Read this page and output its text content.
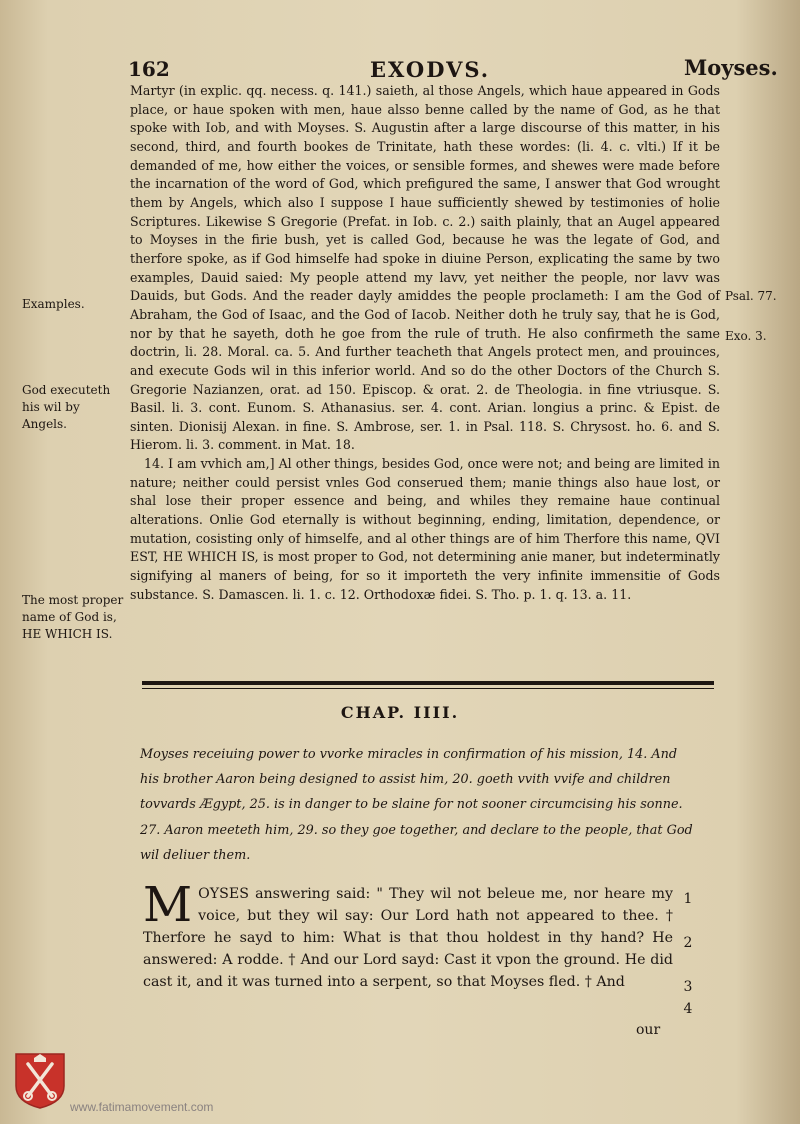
162	EXODVS.	Moyses.

Martyr (in explic. qq. necess. q. 141.) saieth, al those Angels, which haue appeared in Gods place, or haue spoken with men, haue alsso benne called by the name of God, as he that spoke with Iob, and with Moyses. S. Augustin after a large discourse of this matter, in his second, third, and fourth bookes de Trinitate, hath these wordes: (li. 4. c. vlti.) If it be demanded of me, how either the voices, or sensible formes, and shewes were made before the incarnation of the word of God, which prefigured the same, I answer that God wrought them by Angels, which also I suppose I haue sufficiently shewed by testimonies of holie Scriptures. Likewise S Gregorie (Prefat. in Iob. c. 2.) saith plainly, that an Augel appeared to Moyses in the firie bush, yet is called God, because he was the legate of God, and therfore spoke, as if God himselfe had spoke in diuine Person, explicating the same by two examples, Dauid saied: My people attend my lavv, yet neither the people, nor lavv was Dauids, but Gods. And the reader dayly amiddes the people proclameth: I am the God of Abraham, the God of Isaac, and the God of Iacob. Neither doth he truly say, that he is God, nor by that he sayeth, doth he goe from the rule of truth. He also confirmeth the same doctrin, li. 28. Moral. ca. 5. And further teacheth that Angels protect men, and prouinces, and execute Gods wil in this inferior world. And so do the other Doctors of the Church S. Gregorie Nazianzen, orat. ad 150. Episcop. & orat. 2. de Theologia. in fine vtriusque. S. Basil. li. 3. cont. Eunom. S. Athanasius. ser. 4. cont. Arian. longius a princ. & Epist. de sinten. Dionisij Alexan. in fine. S. Ambrose, ser. 1. in Psal. 118. S. Chrysost. ho. 6. and S. Hierom. li. 3. comment. in Mat. 18.

14. I am vvhich am,] Al other things, besides God, once were not; and being are limited in nature; neither could persist vnles God conserued them; manie things also haue lost, or shal lose their proper essence and being, and whiles they remaine haue continual alterations. Onlie God eternally is without beginning, ending, limitation, dependence, or mutation, cosisting only of himselfe, and al other things are of him Therfore this name, QVI EST, HE WHICH IS, is most proper to God, not determining anie maner, but indeterminatly signifying al maners of being, for so it importeth the very infinite immensitie of Gods substance. S. Damascen. li. 1. c. 12. Orthodoxæ fidei. S. Tho. p. 1. q. 13. a. 11.

Examples.
God executeth his wil by Angels.
The most proper name of God is, HE WHICH IS.
Psal. 77.
Exo. 3.
CHAP. IIII.
Moyses receiuing power to vvorke miracles in confirmation of his mission, 14. And his brother Aaron being designed to assist him, 20. goeth vvith vvife and children tovvards Ægypt, 25. is in danger to be slaine for not sooner circumcising his sonne. 27. Aaron meeteth him, 29. so they goe together, and declare to the people, that God wil deliuer them.
MOYSES answering said: " They wil not beleue me, nor heare my voice, but they wil say: Our Lord hath not appeared to thee. † Therfore he sayd to him: What is that thou holdest in thy hand? He answered: A rodde. † And our Lord sayd: Cast it vpon the ground. He did cast it, and it was turned into a serpent, so that Moyses fled. † And
1
2
3
4
our
www.fatimamovement.com
